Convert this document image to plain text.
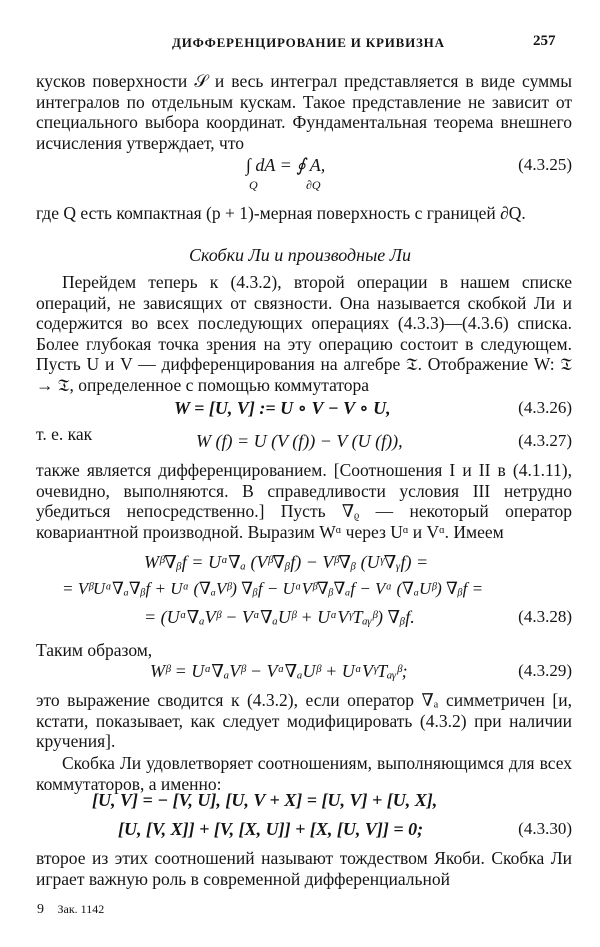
ДИФФЕРЕНЦИРОВАНИЕ И КРИВИЗНА	257
кусков поверхности 𝒮 и весь интеграл представляется в виде суммы интегралов по отдельным кускам. Такое представление не зависит от специального выбора координат. Фундаментальная теорема внешнего исчисления утверждает, что
∫ dA = ∮ A,
Q	∂Q
(4.3.25)
где Q есть компактная (p + 1)-мерная поверхность с границей ∂Q.
Скобки Ли и производные Ли
Перейдем теперь к (4.3.2), второй операции в нашем списке операций, не зависящих от связности. Она называется скобкой Ли и содержится во всех последующих операциях (4.3.3)—(4.3.6) списка. Более глубокая точка зрения на эту операцию состоит в следующем. Пусть U и V — дифференцирования на алгебре 𝔗. Отображение W: 𝔗 → 𝔗, определенное с помощью коммутатора
W = [U, V] := U ∘ V − V ∘ U,	(4.3.26)
т. е. как	W (f) = U (V (f)) − V (U (f)),	(4.3.27)
также является дифференцированием. [Соотношения I и II в (4.1.11), очевидно, выполняются. В справедливости условия III нетрудно убедиться непосредственно.] Пусть ∇ᵨ — некоторый оператор ковариантной производной. Выразим Wᵅ через Uᵅ и Vᵅ. Имеем
Wᵝ∇ᵦf = Uᵅ∇ₐ (Vᵝ∇ᵦf) − Vᵝ∇ᵦ (Uᵞ∇ᵧf) =
= VᵝUᵅ∇ₐ∇ᵦf + Uᵅ (∇ₐVᵝ) ∇ᵦf − UᵅVᵝ∇ᵦ∇ₐf − Vᵅ (∇ₐUᵝ) ∇ᵦf =
= (Uᵅ∇ₐVᵝ − Vᵅ∇ₐUᵝ + UᵅVᵞTₐᵧᵝ) ∇ᵦf.	(4.3.28)
Таким образом,
Wᵝ = Uᵅ∇ₐVᵝ − Vᵅ∇ₐUᵝ + UᵅVᵞTₐᵧᵝ;	(4.3.29)
это выражение сводится к (4.3.2), если оператор ∇ₐ симметричен [и, кстати, показывает, как следует модифицировать (4.3.2) при наличии кручения].
Скобка Ли удовлетворяет соотношениям, выполняющимся для всех коммутаторов, а именно:
[U, V] = − [V, U], [U, V + X] = [U, V] + [U, X],
[U, [V, X]] + [V, [X, U]] + [X, [U, V]] = 0;	(4.3.30)
второе из этих соотношений называют тождеством Якоби. Скобка Ли играет важную роль в современной дифференциальной
9 Зак. 1142
